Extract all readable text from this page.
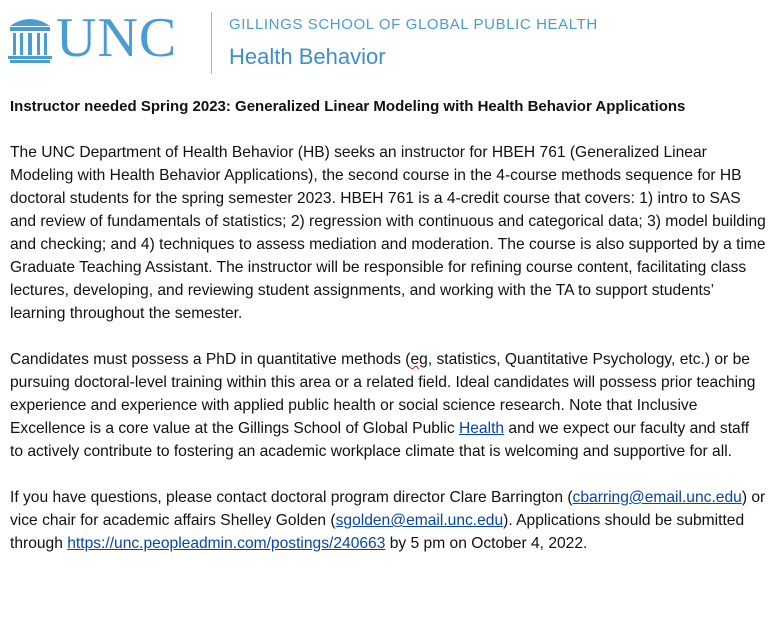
UNC	GILLINGS SCHOOL OF GLOBAL PUBLIC HEALTH
Health Behavior

Instructor needed Spring 2023: Generalized Linear Modeling with Health Behavior Applications

The UNC Department of Health Behavior (HB) seeks an instructor for HBEH 761 (Generalized Linear Modeling with Health Behavior Applications), the second course in the 4-course methods sequence for HB doctoral students for the spring semester 2023. HBEH 761 is a 4-credit course that covers: 1) intro to SAS and review of fundamentals of statistics; 2) regression with continuous and categorical data; 3) model building and checking; and 4) techniques to assess mediation and moderation. The course is also supported by a time Graduate Teaching Assistant. The instructor will be responsible for refining course content, facilitating class lectures, developing, and reviewing student assignments, and working with the TA to support students’ learning throughout the semester.

Candidates must possess a PhD in quantitative methods (eg, statistics, Quantitative Psychology, etc.) or be pursuing doctoral-level training within this area or a related field. Ideal candidates will possess prior teaching experience and experience with applied public health or social science research. Note that Inclusive Excellence is a core value at the Gillings School of Global Public Health and we expect our faculty and staff to actively contribute to fostering an academic workplace climate that is welcoming and supportive for all.

If you have questions, please contact doctoral program director Clare Barrington (cbarring@email.unc.edu) or vice chair for academic affairs Shelley Golden (sgolden@email.unc.edu). Applications should be submitted through https://unc.peopleadmin.com/postings/240663 by 5 pm on October 4, 2022.
